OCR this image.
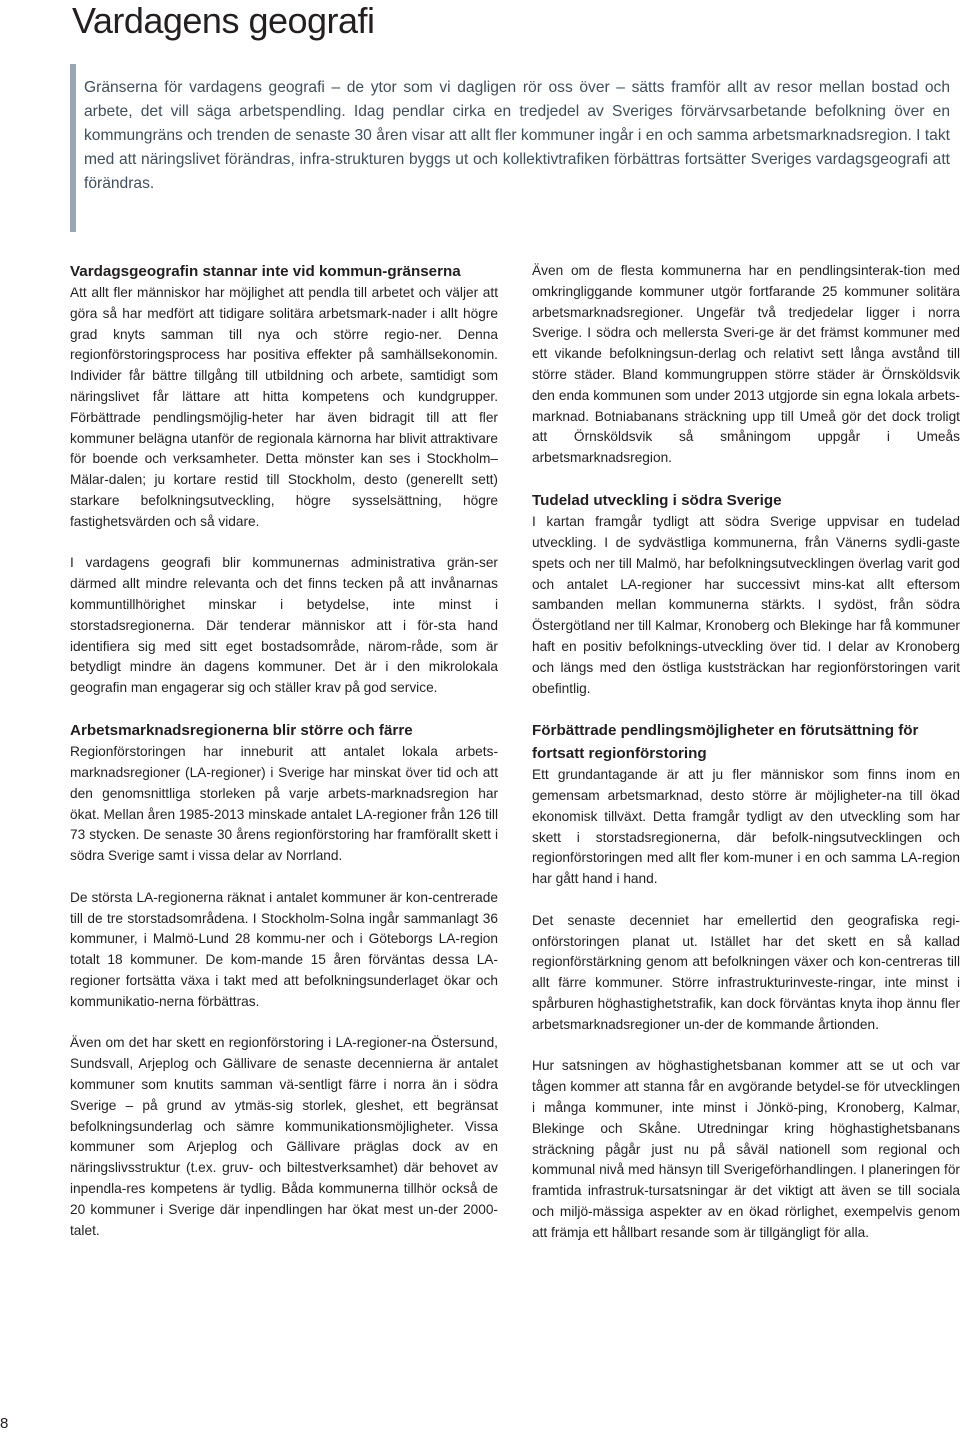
Vardagens geografi
Gränserna för vardagens geografi – de ytor som vi dagligen rör oss över – sätts framför allt av resor mellan bostad och arbete, det vill säga arbetspendling. Idag pendlar cirka en tredjedel av Sveriges förvärvsarbetande befolkning över en kommungräns och trenden de senaste 30 åren visar att allt fler kommuner ingår i en och samma arbetsmarknadsregion. I takt med att näringslivet förändras, infra-strukturen byggs ut och kollektivtrafiken förbättras fortsätter Sveriges vardagsgeografi att förändras.
Vardagsgeografin stannar inte vid kommun-gränserna

Att allt fler människor har möjlighet att pendla till arbetet och väljer att göra så har medfört att tidigare solitära arbetsmark-nader i allt högre grad knyts samman till nya och större regio-ner. Denna regionförstoringsprocess har positiva effekter på samhällsekonomin. Individer får bättre tillgång till utbildning och arbete, samtidigt som näringslivet får lättare att hitta kompetens och kundgrupper. Förbättrade pendlingsmöjlig-heter har även bidragit till att fler kommuner belägna utanför de regionala kärnorna har blivit attraktivare för boende och verksamheter. Detta mönster kan ses i Stockholm–Mälar-dalen; ju kortare restid till Stockholm, desto (generellt sett) starkare befolkningsutveckling, högre sysselsättning, högre fastighetsvärden och så vidare.

I vardagens geografi blir kommunernas administrativa grän-ser därmed allt mindre relevanta och det finns tecken på att invånarnas kommuntillhörighet minskar i betydelse, inte minst i storstadsregionerna. Där tenderar människor att i för-sta hand identifiera sig med sitt eget bostadsområde, närom-råde, som är betydligt mindre än dagens kommuner. Det är i den mikrolokala geografin man engagerar sig och ställer krav på god service.

Arbetsmarknadsregionerna blir större och färre

Regionförstoringen har inneburit att antalet lokala arbets-marknadsregioner (LA-regioner) i Sverige har minskat över tid och att den genomsnittliga storleken på varje arbets-marknadsregion har ökat. Mellan åren 1985-2013 minskade antalet LA-regioner från 126 till 73 stycken. De senaste 30 årens regionförstoring har framförallt skett i södra Sverige samt i vissa delar av Norrland.

De största LA-regionerna räknat i antalet kommuner är kon-centrerade till de tre storstadsområdena. I Stockholm-Solna ingår sammanlagt 36 kommuner, i Malmö-Lund 28 kommu-ner och i Göteborgs LA-region totalt 18 kommuner. De kom-mande 15 åren förväntas dessa LA-regioner fortsätta växa i takt med att befolkningsunderlaget ökar och kommunikatio-nerna förbättras.

Även om det har skett en regionförstoring i LA-regioner-na Östersund, Sundsvall, Arjeplog och Gällivare de senaste decennierna är antalet kommuner som knutits samman vä-sentligt färre i norra än i södra Sverige – på grund av ytmäs-sig storlek, gleshet, ett begränsat befolkningsunderlag och sämre kommunikationsmöjligheter. Vissa kommuner som Arjeplog och Gällivare präglas dock av en näringslivsstruktur (t.ex. gruv- och biltestverksamhet) där behovet av inpendla-res kompetens är tydlig. Båda kommunerna tillhör också de 20 kommuner i Sverige där inpendlingen har ökat mest un-der 2000-talet.

Även om de flesta kommunerna har en pendlingsinterak-tion med omkringliggande kommuner utgör fortfarande 25 kommuner solitära arbetsmarknadsregioner. Ungefär två tredjedelar ligger i norra Sverige. I södra och mellersta Sveri-ge är det främst kommuner med ett vikande befolkningsun-derlag och relativt sett långa avstånd till större städer. Bland kommungruppen större städer är Örnsköldsvik den enda kommunen som under 2013 utgjorde sin egna lokala arbets-marknad. Botniabanans sträckning upp till Umeå gör det dock troligt att Örnsköldsvik så småningom uppgår i Umeås arbetsmarknadsregion.

Tudelad utveckling i södra Sverige

I kartan framgår tydligt att södra Sverige uppvisar en tudelad utveckling. I de sydvästliga kommunerna, från Vänerns sydli-gaste spets och ner till Malmö, har befolkningsutvecklingen överlag varit god och antalet LA-regioner har successivt mins-kat allt eftersom sambanden mellan kommunerna stärkts. I sydöst, från södra Östergötland ner till Kalmar, Kronoberg och Blekinge har få kommuner haft en positiv befolknings-utveckling över tid. I delar av Kronoberg och längs med den östliga kuststräckan har regionförstoringen varit obefintlig.

Förbättrade pendlingsmöjligheter en förutsättning för fortsatt regionförstoring

Ett grundantagande är att ju fler människor som finns inom en gemensam arbetsmarknad, desto större är möjligheter-na till ökad ekonomisk tillväxt. Detta framgår tydligt av den utveckling som har skett i storstadsregionerna, där befolk-ningsutvecklingen och regionförstoringen med allt fler kom-muner i en och samma LA-region har gått hand i hand.

Det senaste decenniet har emellertid den geografiska regi-onförstoringen planat ut. Istället har det skett en så kallad regionförstärkning genom att befolkningen växer och kon-centreras till allt färre kommuner. Större infrastrukturinveste-ringar, inte minst i spårburen höghastighetstrafik, kan dock förväntas knyta ihop ännu fler arbetsmarknadsregioner un-der de kommande årtionden.

Hur satsningen av höghastighetsbanan kommer att se ut och var tågen kommer att stanna får en avgörande betydel-se för utvecklingen i många kommuner, inte minst i Jönkö-ping, Kronoberg, Kalmar, Blekinge och Skåne. Utredningar kring höghastighetsbanans sträckning pågår just nu på såväl nationell som regional och kommunal nivå med hänsyn till Sverigeförhandlingen. I planeringen för framtida infrastruk-tursatsningar är det viktigt att även se till sociala och miljö-mässiga aspekter av en ökad rörlighet, exempelvis genom att främja ett hållbart resande som är tillgängligt för alla.

8
